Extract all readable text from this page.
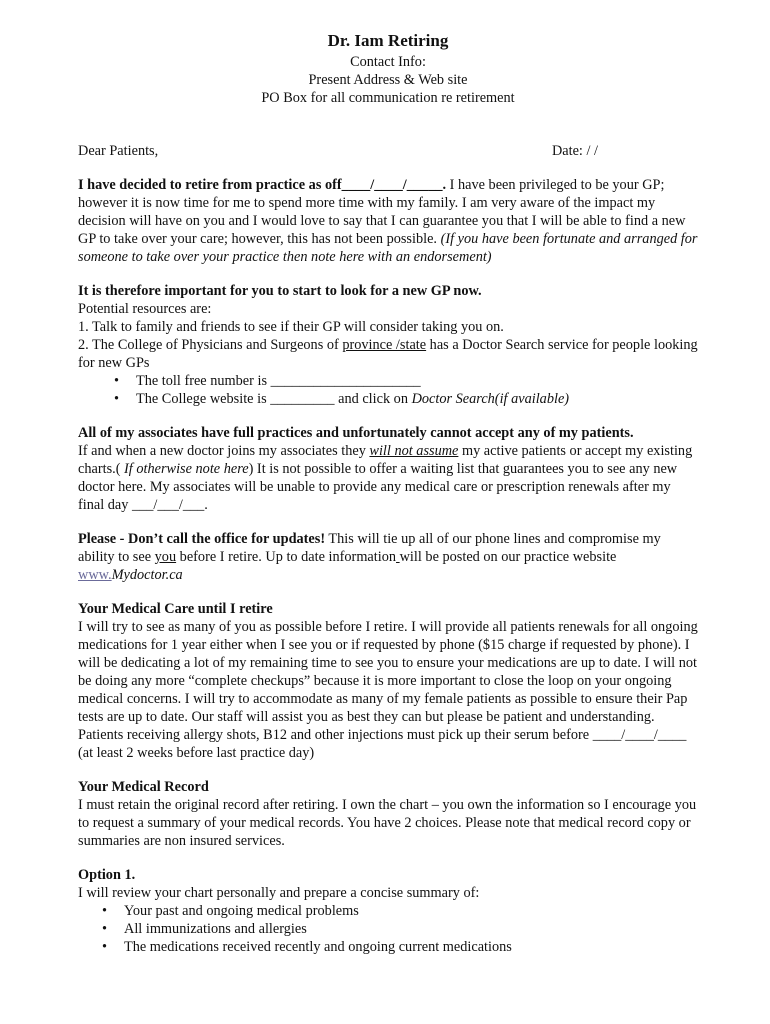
Dr. Iam Retiring
Contact Info:
Present Address & Web site
PO Box for all communication re retirement
Dear Patients,	Date: / /

I have decided to retire from practice as off____/____/_____. I have been privileged to be your GP; however it is now time for me to spend more time with my family. I am very aware of the impact my decision will have on you and I would love to say that I can guarantee you that I will be able to find a new GP to take over your care; however, this has not been possible. (If you have been fortunate and arranged for someone to take over your practice then note here with an endorsement)

It is therefore important for you to start to look for a new GP now.

Potential resources are:

1. Talk to family and friends to see if their GP will consider taking you on.

2. The College of Physicians and Surgeons of province /state has a Doctor Search service for people looking for new GPs

• The toll free number is _____________________
• The College website is _________ and click on Doctor Search(if available)

All of my associates have full practices and unfortunately cannot accept any of my patients.

If and when a new doctor joins my associates they will not assume my active patients or accept my existing charts.( If otherwise note here) It is not possible to offer a waiting list that guarantees you to see any new doctor here. My associates will be unable to provide any medical care or prescription renewals after my final day ___/___/___.

Please - Don’t call the office for updates! This will tie up all of our phone lines and compromise my ability to see you before I retire. Up to date information will be posted on our practice website www.Mydoctor.ca

Your Medical Care until I retire

I will try to see as many of you as possible before I retire. I will provide all patients renewals for all ongoing medications for 1 year either when I see you or if requested by phone ($15 charge if requested by phone). I will be dedicating a lot of my remaining time to see you to ensure your medications are up to date. I will not be doing any more “complete checkups” because it is more important to close the loop on your ongoing medical concerns. I will try to accommodate as many of my female patients as possible to ensure their Pap tests are up to date. Our staff will assist you as best they can but please be patient and understanding. Patients receiving allergy shots, B12 and other injections must pick up their serum before ____/____/____ (at least 2 weeks before last practice day)

Your Medical Record

I must retain the original record after retiring. I own the chart – you own the information so I encourage you to request a summary of your medical records. You have 2 choices. Please note that medical record copy or summaries are non insured services.

Option 1.

I will review your chart personally and prepare a concise summary of:

• Your past and ongoing medical problems
• All immunizations and allergies
• The medications received recently and ongoing current medications
